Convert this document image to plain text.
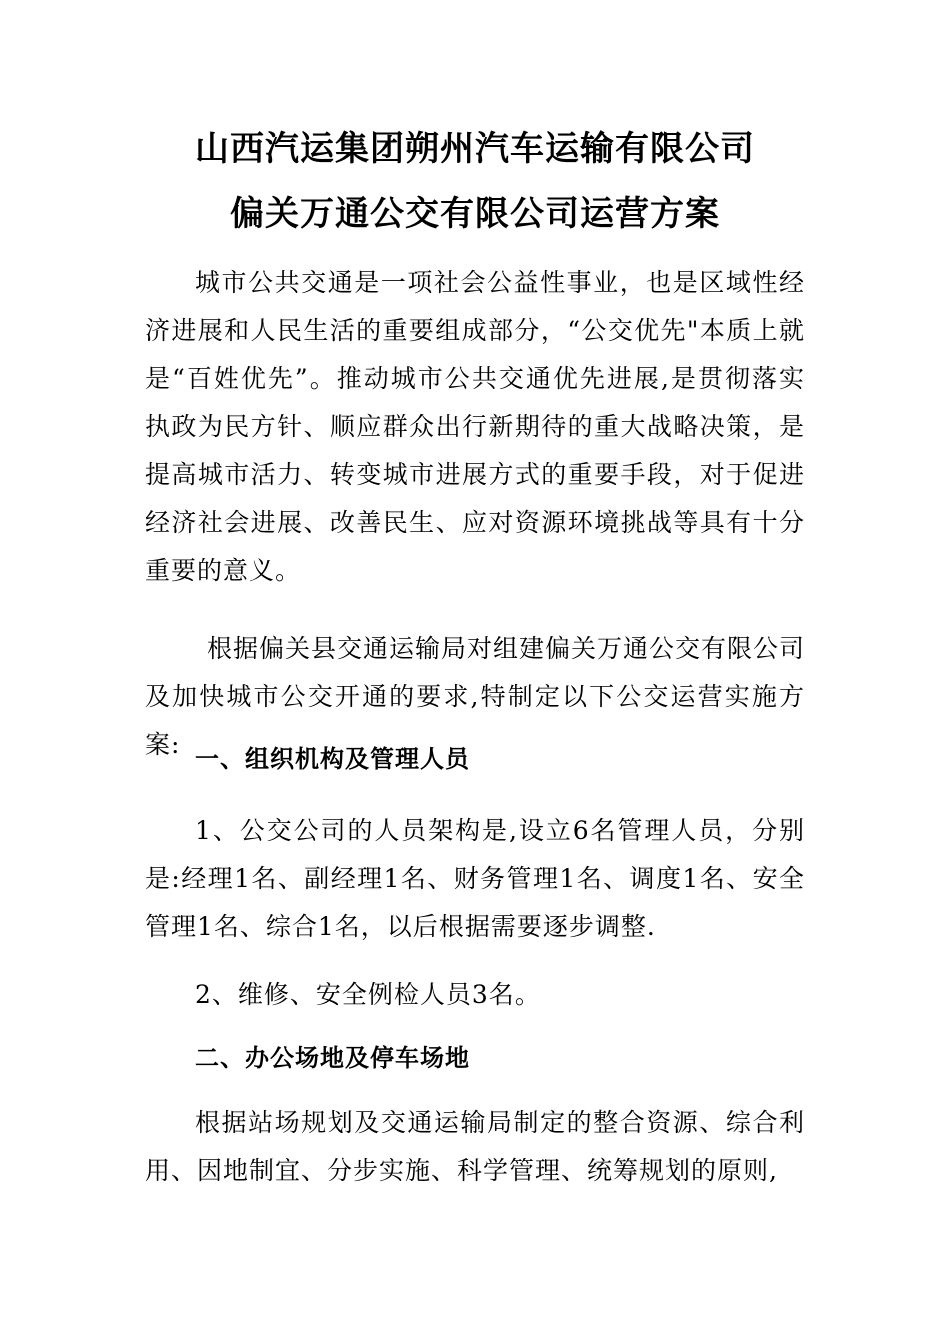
山西汽运集团朔州汽车运输有限公司
偏关万通公交有限公司运营方案

城市公共交通是一项社会公益性事业，也是区域性经济进展和人民生活的重要组成部分，“公交优先"本质上就是“百姓优先”。推动城市公共交通优先进展,是贯彻落实执政为民方针、顺应群众出行新期待的重大战略决策，是提高城市活力、转变城市进展方式的重要手段，对于促进经济社会进展、改善民生、应对资源环境挑战等具有十分重要的意义。

根据偏关县交通运输局对组建偏关万通公交有限公司及加快城市公交开通的要求,特制定以下公交运营实施方案: 一、组织机构及管理人员

1、公交公司的人员架构是,设立6名管理人员，分别是:经理1名、副经理1名、财务管理1名、调度1名、安全管理1名、综合1名，以后根据需要逐步调整.

2、维修、安全例检人员3名。

二、办公场地及停车场地

根据站场规划及交通运输局制定的整合资源、综合利用、因地制宜、分步实施、科学管理、统筹规划的原则,
